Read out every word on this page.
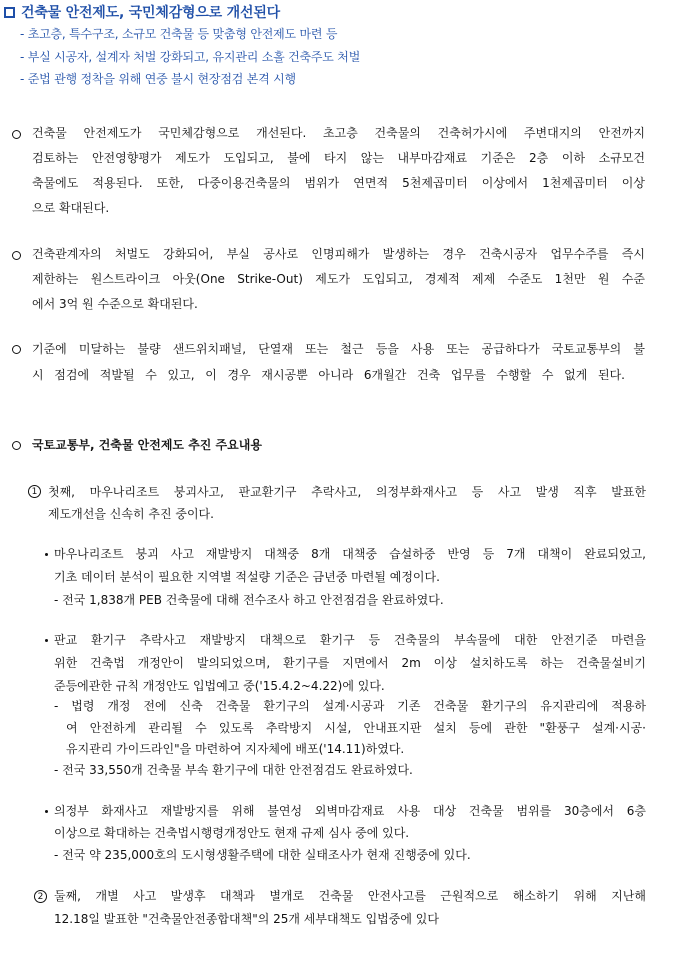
건축물 안전제도, 국민체감형으로 개선된다
- 초고층, 특수구조, 소규모 건축물 등 맞춤형 안전제도 마련 등
- 부실 시공자, 설계자 처벌 강화되고, 유지관리 소홀 건축주도 처벌
- 준법 관행 정착을 위해 연중 불시 현장점검 본격 시행
건축물 안전제도가 국민체감형으로 개선된다. 초고층 건축물의 건축허가시에 주변대지의 안전까지
검토하는 안전영향평가 제도가 도입되고, 불에 타지 않는 내부마감재료 기준은 2층 이하 소규모건
축물에도 적용된다. 또한, 다중이용건축물의 범위가 연면적 5천제곱미터 이상에서 1천제곱미터 이상
으로 확대된다.
건축관계자의 처벌도 강화되어, 부실 공사로 인명피해가 발생하는 경우 건축시공자 업무수주를 즉시
제한하는 원스트라이크 아웃(One Strike-Out) 제도가 도입되고, 경제적 제제 수준도 1천만 원 수준
에서 3억 원 수준으로 확대된다.
기준에 미달하는 불량 샌드위치패널, 단열재 또는 철근 등을 사용 또는 공급하다가 국토교통부의 불
시 점검에 적발될 수 있고, 이 경우 재시공뿐 아니라 6개월간 건축 업무를 수행할 수 없게 된다.
국토교통부, 건축물 안전제도 추진 주요내용
1 첫째, 마우나리조트 붕괴사고, 판교환기구 추락사고, 의정부화재사고 등 사고 발생 직후 발표한
제도개선을 신속히 추진 중이다.
마우나리조트 붕괴 사고 재발방지 대책중 8개 대책중 습설하중 반영 등 7개 대책이 완료되었고,
기초 데이터 분석이 필요한 지역별 적설량 기준은 금년중 마련될 예정이다.
- 전국 1,838개 PEB 건축물에 대해 전수조사 하고 안전점검을 완료하였다.
판교 환기구 추락사고 재발방지 대책으로 환기구 등 건축물의 부속물에 대한 안전기준 마련을
위한 건축법 개정안이 발의되었으며, 환기구를 지면에서 2m 이상 설치하도록 하는 건축물설비기
준등에관한 규칙 개정안도 입법예고 중('15.4.2~4.22)에 있다.
- 법령 개정 전에 신축 건축물 환기구의 설계·시공과 기존 건축물 환기구의 유지관리에 적용하
여 안전하게 관리될 수 있도록 추락방지 시설, 안내표지판 설치 등에 관한 "환풍구 설계·시공·
유지관리 가이드라인"을 마련하여 지자체에 배포('14.11)하였다.
- 전국 33,550개 건축물 부속 환기구에 대한 안전점검도 완료하였다.
의정부 화재사고 재발방지를 위해 불연성 외벽마감재료 사용 대상 건축물 범위를 30층에서 6층
이상으로 확대하는 건축법시행령개정안도 현재 규제 심사 중에 있다.
- 전국 약 235,000호의 도시형생활주택에 대한 실태조사가 현재 진행중에 있다.
2 둘째, 개별 사고 발생후 대책과 별개로 건축물 안전사고를 근원적으로 해소하기 위해 지난해
12.18일 발표한 "건축물안전종합대책"의 25개 세부대책도 입법중에 있다
